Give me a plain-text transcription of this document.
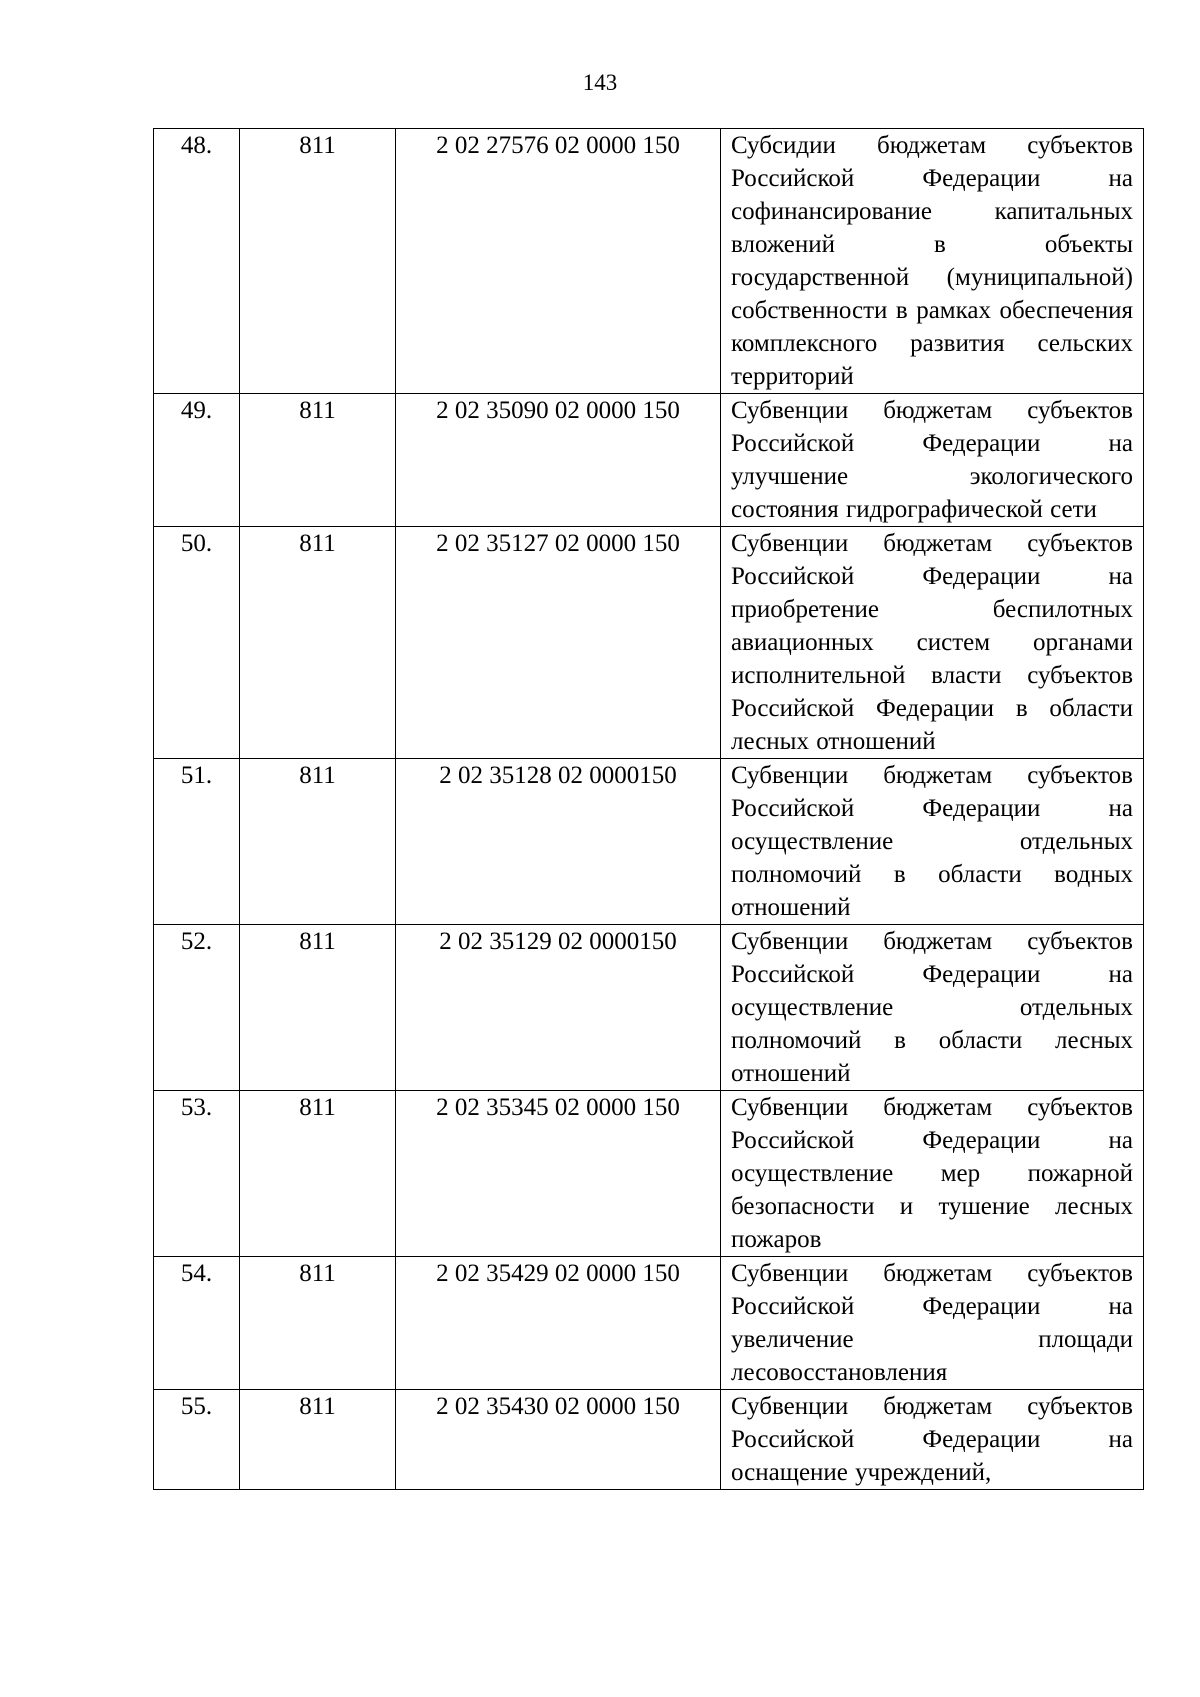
143
48.	811	2 02 27576 02 0000 150	Субсидии бюджетам субъектов Российской Федерации на софинансирование капитальных вложений в объекты государственной (муниципальной) собственности в рамках обеспечения комплексного развития сельских территорий
49.	811	2 02 35090 02 0000 150	Субвенции бюджетам субъектов Российской Федерации на улучшение экологического состояния гидрографической сети
50.	811	2 02 35127 02 0000 150	Субвенции бюджетам субъектов Российской Федерации на приобретение беспилотных авиационных систем органами исполнительной власти субъектов Российской Федерации в области лесных отношений
51.	811	2 02 35128 02 0000150	Субвенции бюджетам субъектов Российской Федерации на осуществление отдельных полномочий в области водных отношений
52.	811	2 02 35129 02 0000150	Субвенции бюджетам субъектов Российской Федерации на осуществление отдельных полномочий в области лесных отношений
53.	811	2 02 35345 02 0000 150	Субвенции бюджетам субъектов Российской Федерации на осуществление мер пожарной безопасности и тушение лесных пожаров
54.	811	2 02 35429 02 0000 150	Субвенции бюджетам субъектов Российской Федерации на увеличение площади лесовосстановления
55.	811	2 02 35430 02 0000 150	Субвенции бюджетам субъектов Российской Федерации на оснащение учреждений,
